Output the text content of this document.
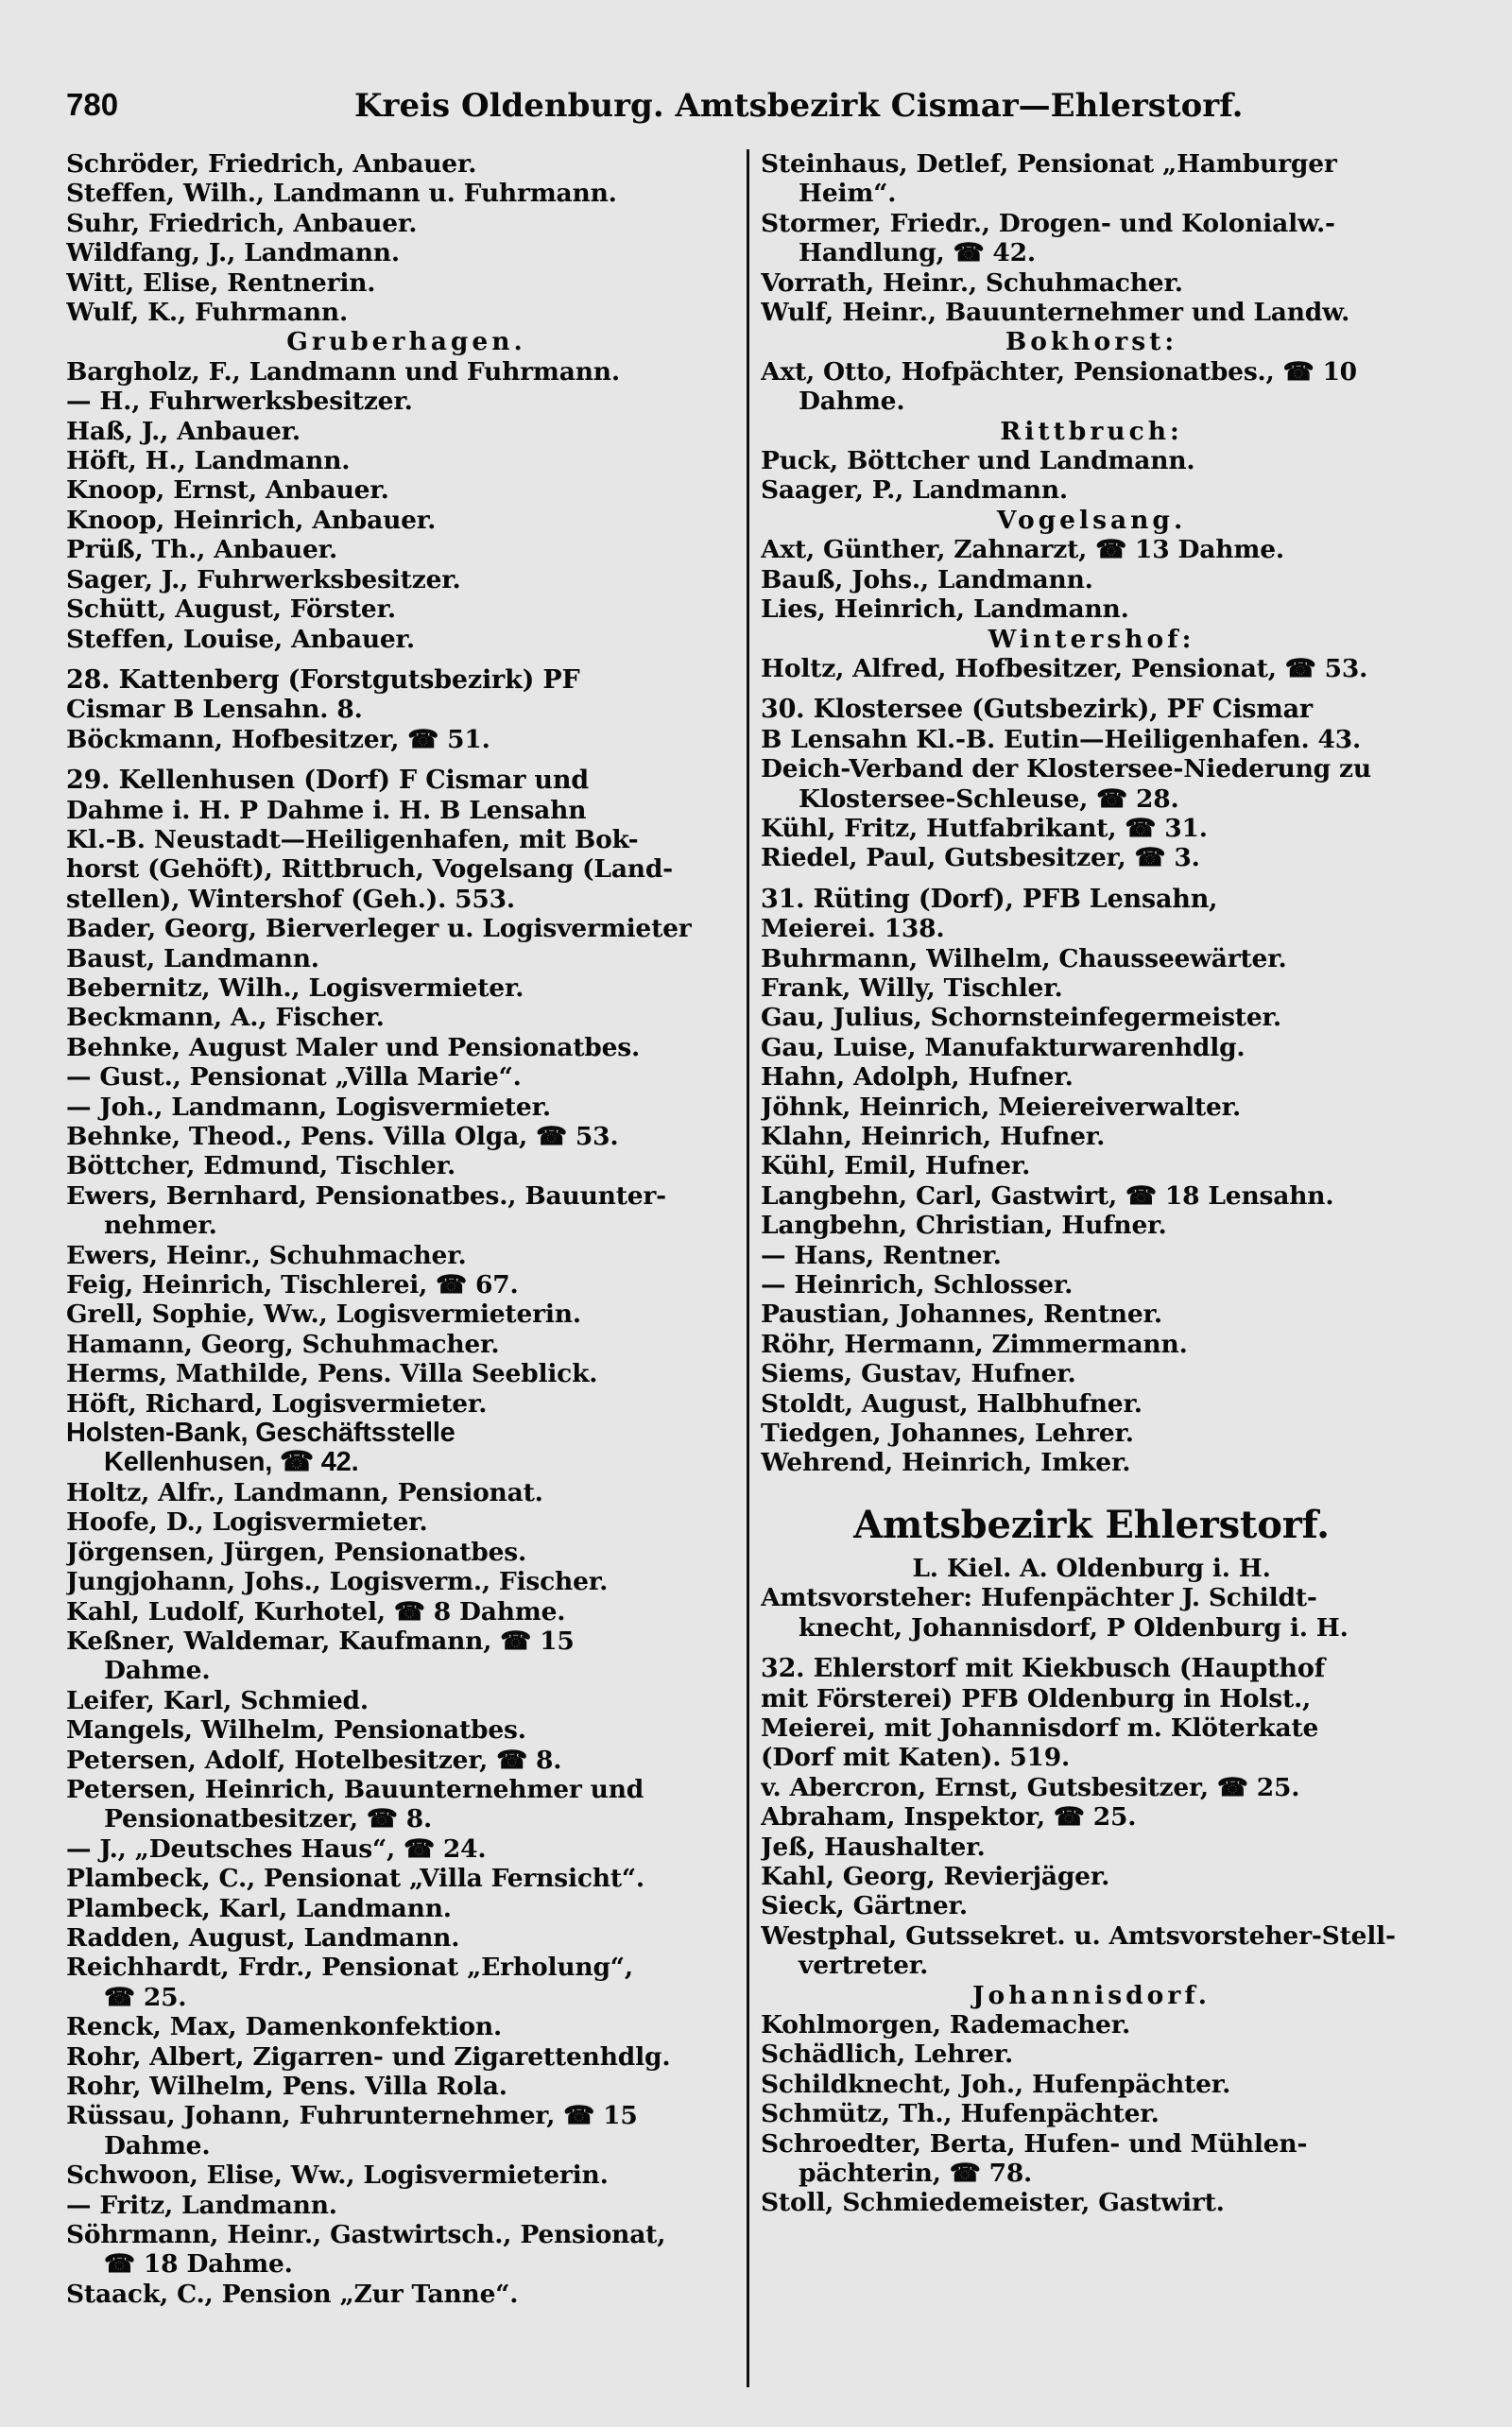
780	Kreis Oldenburg. Amtsbezirk Cismar—Ehlerstorf.
Schröder, Friedrich, Anbauer.
Steffen, Wilh., Landmann u. Fuhrmann.
Suhr, Friedrich, Anbauer.
Wildfang, J., Landmann.
Witt, Elise, Rentnerin.
Wulf, K., Fuhrmann.
Gruberhagen.
Bargholz, F., Landmann und Fuhrmann.
— H., Fuhrwerksbesitzer.
Haß, J., Anbauer.
Höft, H., Landmann.
Knoop, Ernst, Anbauer.
Knoop, Heinrich, Anbauer.
Prüß, Th., Anbauer.
Sager, J., Fuhrwerksbesitzer.
Schütt, August, Förster.
Steffen, Louise, Anbauer.
28. Kattenberg (Forstgutsbezirk) PF
Cismar B Lensahn. 8.
Böckmann, Hofbesitzer, ☎ 51.
29. Kellenhusen (Dorf) F Cismar und
Dahme i. H. P Dahme i. H. B Lensahn
Kl.-B. Neustadt—Heiligenhafen, mit Bok-
horst (Gehöft), Rittbruch, Vogelsang (Land-
stellen), Wintershof (Geh.). 553.
Bader, Georg, Bierverleger u. Logisvermieter
Baust, Landmann.
Bebernitz, Wilh., Logisvermieter.
Beckmann, A., Fischer.
Behnke, August Maler und Pensionatbes.
— Gust., Pensionat „Villa Marie“.
— Joh., Landmann, Logisvermieter.
Behnke, Theod., Pens. Villa Olga, ☎ 53.
Böttcher, Edmund, Tischler.
Ewers, Bernhard, Pensionatbes., Bauunter-
nehmer.
Ewers, Heinr., Schuhmacher.
Feig, Heinrich, Tischlerei, ☎ 67.
Grell, Sophie, Ww., Logisvermieterin.
Hamann, Georg, Schuhmacher.
Herms, Mathilde, Pens. Villa Seeblick.
Höft, Richard, Logisvermieter.
Holsten-Bank, Geschäftsstelle
Kellenhusen, ☎ 42.
Holtz, Alfr., Landmann, Pensionat.
Hoofe, D., Logisvermieter.
Jörgensen, Jürgen, Pensionatbes.
Jungjohann, Johs., Logisverm., Fischer.
Kahl, Ludolf, Kurhotel, ☎ 8 Dahme.
Keßner, Waldemar, Kaufmann, ☎ 15
Dahme.
Leifer, Karl, Schmied.
Mangels, Wilhelm, Pensionatbes.
Petersen, Adolf, Hotelbesitzer, ☎ 8.
Petersen, Heinrich, Bauunternehmer und
Pensionatbesitzer, ☎ 8.
— J., „Deutsches Haus“, ☎ 24.
Plambeck, C., Pensionat „Villa Fernsicht“.
Plambeck, Karl, Landmann.
Radden, August, Landmann.
Reichhardt, Frdr., Pensionat „Erholung“,
☎ 25.
Renck, Max, Damenkonfektion.
Rohr, Albert, Zigarren- und Zigarettenhdlg.
Rohr, Wilhelm, Pens. Villa Rola.
Rüssau, Johann, Fuhrunternehmer, ☎ 15
Dahme.
Schwoon, Elise, Ww., Logisvermieterin.
— Fritz, Landmann.
Söhrmann, Heinr., Gastwirtsch., Pensionat,
☎ 18 Dahme.
Staack, C., Pension „Zur Tanne“.
Steinhaus, Detlef, Pensionat „Hamburger
Heim“.
Stormer, Friedr., Drogen- und Kolonialw.-
Handlung, ☎ 42.
Vorrath, Heinr., Schuhmacher.
Wulf, Heinr., Bauunternehmer und Landw.
Bokhorst:
Axt, Otto, Hofpächter, Pensionatbes., ☎ 10
Dahme.
Rittbruch:
Puck, Böttcher und Landmann.
Saager, P., Landmann.
Vogelsang.
Axt, Günther, Zahnarzt, ☎ 13 Dahme.
Bauß, Johs., Landmann.
Lies, Heinrich, Landmann.
Wintershof:
Holtz, Alfred, Hofbesitzer, Pensionat, ☎ 53.
30. Klostersee (Gutsbezirk), PF Cismar
B Lensahn Kl.-B. Eutin—Heiligenhafen. 43.
Deich-Verband der Klostersee-Niederung zu
Klostersee-Schleuse, ☎ 28.
Kühl, Fritz, Hutfabrikant, ☎ 31.
Riedel, Paul, Gutsbesitzer, ☎ 3.
31. Rüting (Dorf), PFB Lensahn,
Meierei. 138.
Buhrmann, Wilhelm, Chausseewärter.
Frank, Willy, Tischler.
Gau, Julius, Schornsteinfegermeister.
Gau, Luise, Manufakturwarenhdlg.
Hahn, Adolph, Hufner.
Jöhnk, Heinrich, Meiereiverwalter.
Klahn, Heinrich, Hufner.
Kühl, Emil, Hufner.
Langbehn, Carl, Gastwirt, ☎ 18 Lensahn.
Langbehn, Christian, Hufner.
— Hans, Rentner.
— Heinrich, Schlosser.
Paustian, Johannes, Rentner.
Röhr, Hermann, Zimmermann.
Siems, Gustav, Hufner.
Stoldt, August, Halbhufner.
Tiedgen, Johannes, Lehrer.
Wehrend, Heinrich, Imker.
Amtsbezirk Ehlerstorf.
L. Kiel. A. Oldenburg i. H.
Amtsvorsteher: Hufenpächter J. Schildt-
knecht, Johannisdorf, P Oldenburg i. H.
32. Ehlerstorf mit Kiekbusch (Haupthof
mit Försterei) PFB Oldenburg in Holst.,
Meierei, mit Johannisdorf m. Klöterkate
(Dorf mit Katen). 519.
v. Abercron, Ernst, Gutsbesitzer, ☎ 25.
Abraham, Inspektor, ☎ 25.
Jeß, Haushalter.
Kahl, Georg, Revierjäger.
Sieck, Gärtner.
Westphal, Gutssekret. u. Amtsvorsteher-Stell-
vertreter.
Johannisdorf.
Kohlmorgen, Rademacher.
Schädlich, Lehrer.
Schildknecht, Joh., Hufenpächter.
Schmütz, Th., Hufenpächter.
Schroedter, Berta, Hufen- und Mühlen-
pächterin, ☎ 78.
Stoll, Schmiedemeister, Gastwirt.
